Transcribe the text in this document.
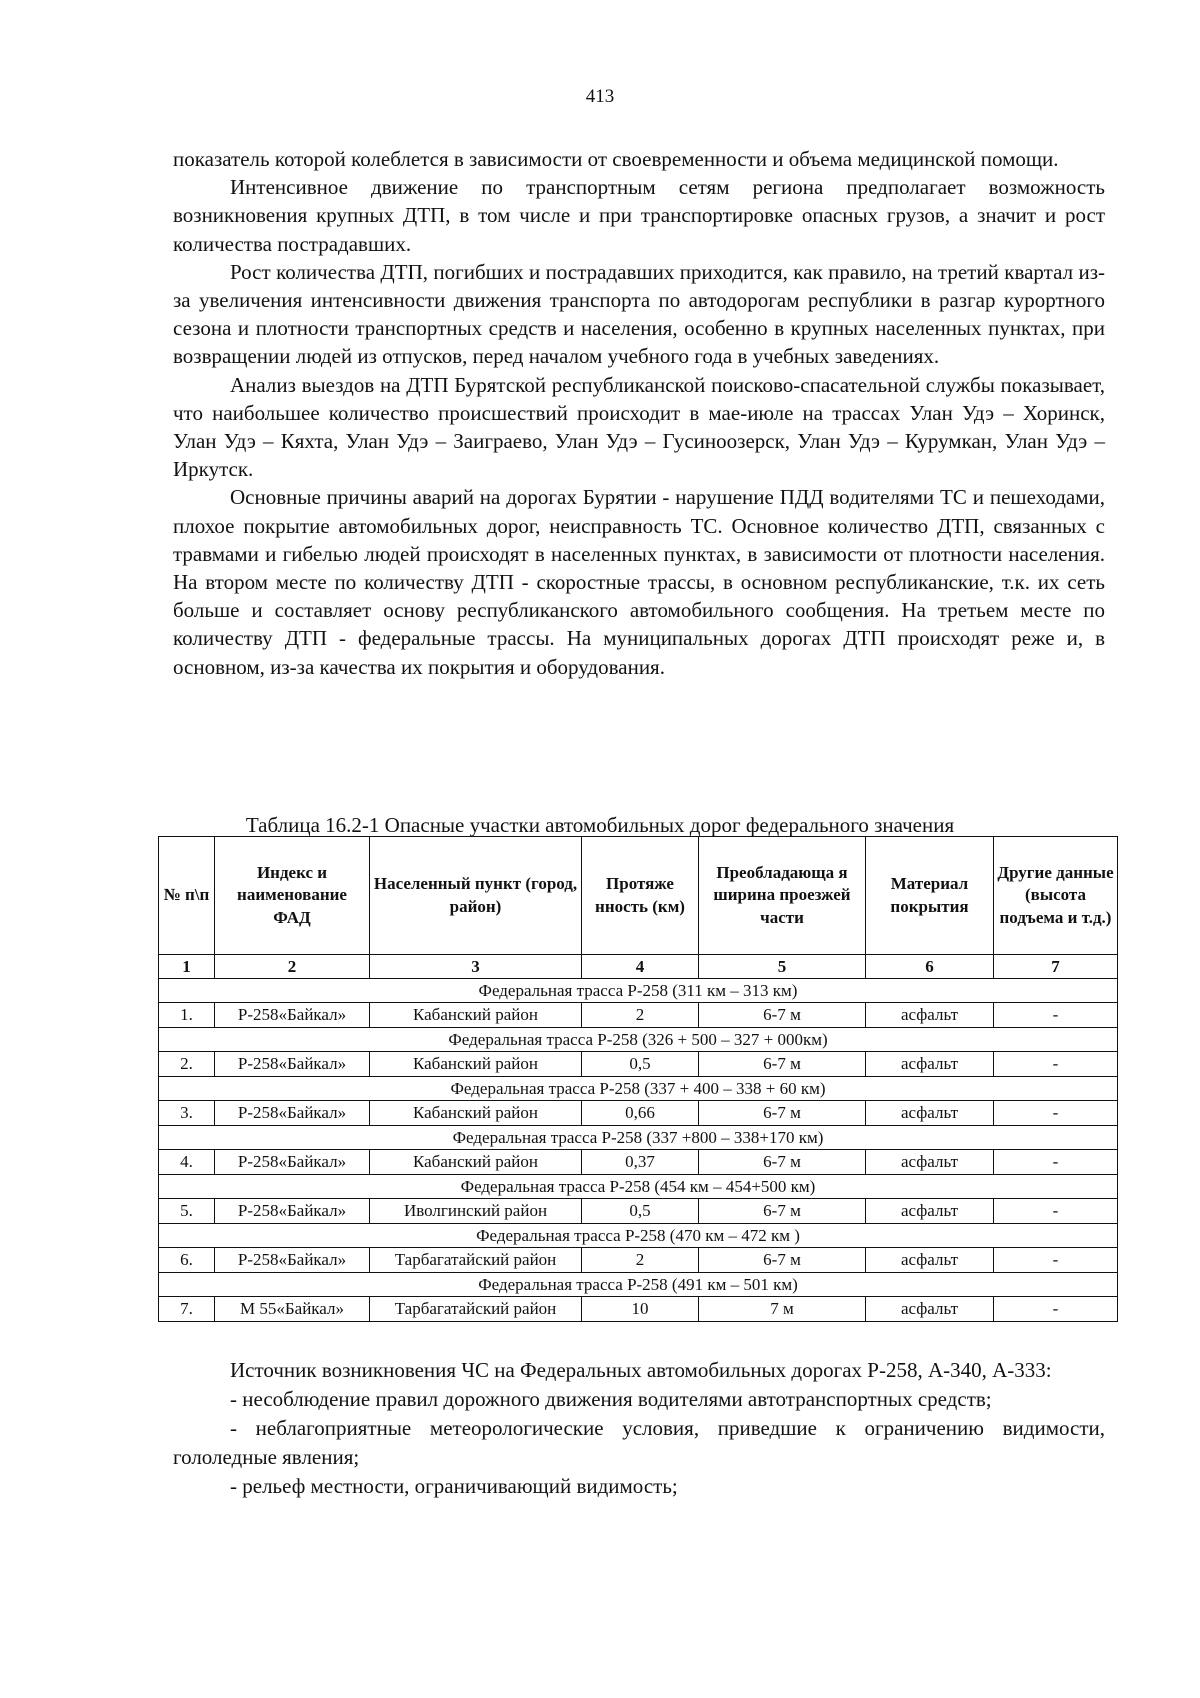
413

показатель которой колеблется в зависимости от своевременности и объема медицинской помощи.

Интенсивное движение по транспортным сетям региона предполагает возможность возникновения крупных ДТП, в том числе и при транспортировке опасных грузов, а значит и рост количества пострадавших.

Рост количества ДТП, погибших и пострадавших приходится, как правило, на третий квартал из-за увеличения интенсивности движения транспорта по автодорогам республики в разгар курортного сезона и плотности транспортных средств и населения, особенно в крупных населенных пунктах, при возвращении людей из отпусков, перед началом учебного года в учебных заведениях.

Анализ выездов на ДТП Бурятской республиканской поисково-спасательной службы показывает, что наибольшее количество происшествий происходит в мае-июле на трассах Улан Удэ – Хоринск, Улан Удэ – Кяхта, Улан Удэ – Заиграево, Улан Удэ – Гусиноозерск, Улан Удэ – Курумкан, Улан Удэ – Иркутск.

Основные причины аварий на дорогах Бурятии - нарушение ПДД водителями ТС и пешеходами, плохое покрытие автомобильных дорог, неисправность ТС. Основное количество ДТП, связанных с травмами и гибелью людей происходят в населенных пунктах, в зависимости от плотности населения. На втором месте по количеству ДТП - скоростные трассы, в основном республиканские, т.к. их сеть больше и составляет основу республиканского автомобильного сообщения. На третьем месте по количеству ДТП - федеральные трассы. На муниципальных дорогах ДТП происходят реже и, в основном, из-за качества их покрытия и оборудования.

Таблица 16.2-1 Опасные участки автомобильных дорог федерального значения
№ п\п	Индекс и наименование ФАД	Населенный пункт (город, район)	Протяже нность (км)	Преобладающа я ширина проезжей части	Материал покрытия	Другие данные (высота подъема и т.д.)
1	2	3	4	5	6	7
Федеральная трасса Р-258 (311 км – 313 км)						
1.	Р-258«Байкал»	Кабанский район	2	6-7 м	асфальт	-
Федеральная трасса Р-258 (326 + 500 – 327 + 000км)						
2.	Р-258«Байкал»	Кабанский район	0,5	6-7 м	асфальт	-
Федеральная трасса Р-258 (337 + 400 – 338 + 60 км)						
3.	Р-258«Байкал»	Кабанский район	0,66	6-7 м	асфальт	-
Федеральная трасса Р-258 (337 +800 – 338+170 км)						
4.	Р-258«Байкал»	Кабанский район	0,37	6-7 м	асфальт	-
Федеральная трасса Р-258 (454 км – 454+500 км)						
5.	Р-258«Байкал»	Иволгинский район	0,5	6-7 м	асфальт	-
Федеральная трасса Р-258 (470 км – 472 км )						
6.	Р-258«Байкал»	Тарбагатайский район	2	6-7 м	асфальт	-
Федеральная трасса Р-258 (491 км – 501 км)						
7.	М 55«Байкал»	Тарбагатайский район	10	7 м	асфальт	-

Источник возникновения ЧС на Федеральных автомобильных дорогах Р-258, А-340, А-333:

- несоблюдение правил дорожного движения водителями автотранспортных средств;

- неблагоприятные метеорологические условия, приведшие к ограничению видимости, гололедные явления;

- рельеф местности, ограничивающий видимость;
